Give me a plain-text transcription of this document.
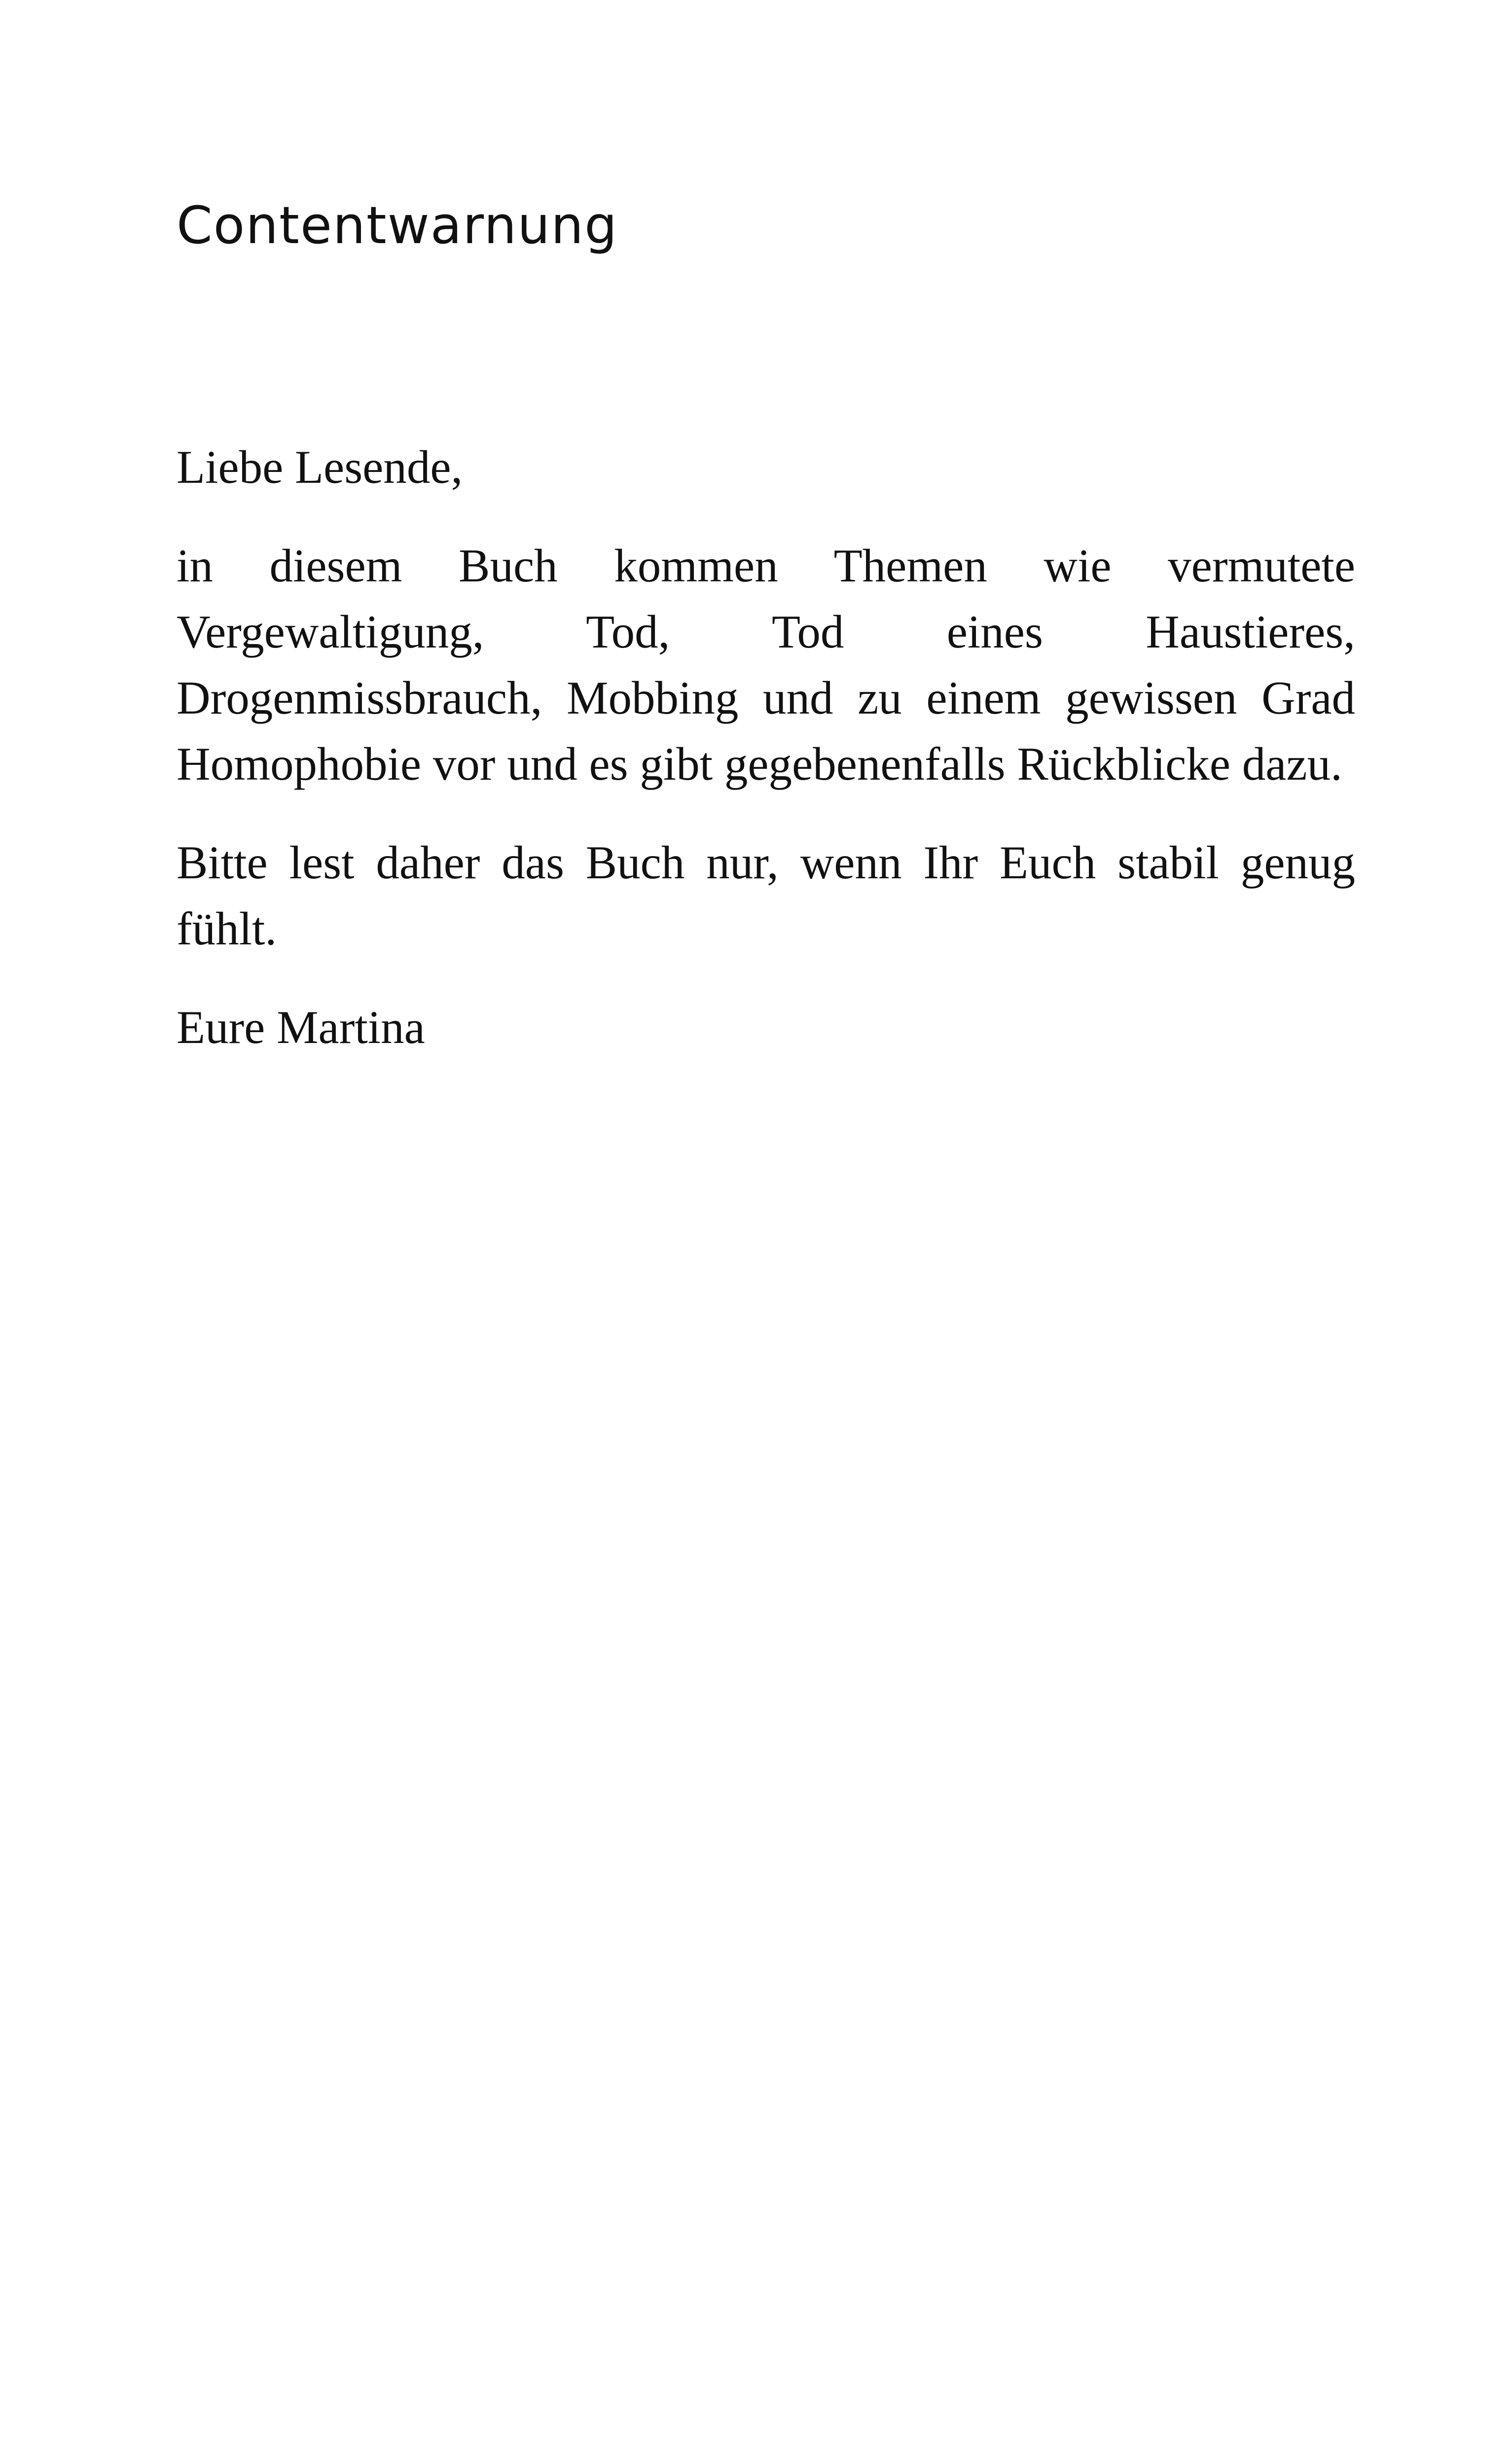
Contentwarnung

Liebe Lesende,

in diesem Buch kommen Themen wie vermutete Vergewaltigung, Tod, Tod eines Haustieres, Drogenmissbrauch, Mobbing und zu einem gewissen Grad Homophobie vor und es gibt gegebenenfalls Rückblicke dazu.

Bitte lest daher das Buch nur, wenn Ihr Euch stabil genug fühlt.

Eure Martina
